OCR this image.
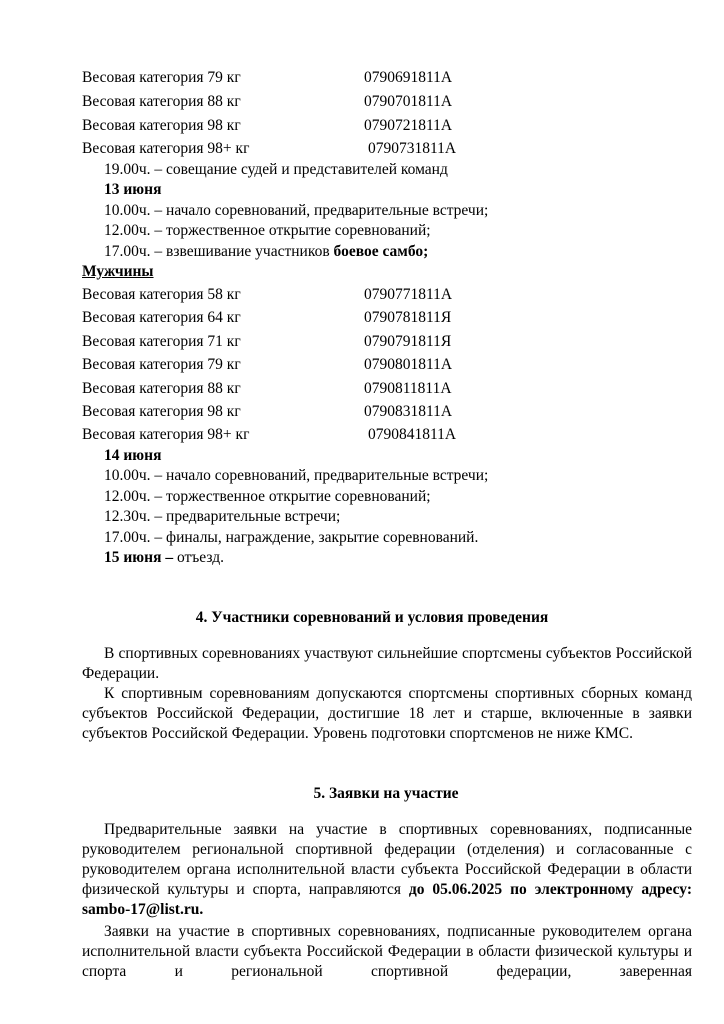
Весовая категория 79 кг	0790691811А
Весовая категория 88 кг	0790701811А
Весовая категория 98 кг	0790721811А
Весовая категория 98+ кг	0790731811А
19.00ч. – совещание судей и представителей команд
13 июня
10.00ч. – начало соревнований, предварительные встречи;
12.00ч. – торжественное открытие соревнований;
17.00ч. – взвешивание участников боевое самбо;
Мужчины
Весовая категория 58 кг	0790771811А
Весовая категория 64 кг	0790781811Я
Весовая категория 71 кг	0790791811Я
Весовая категория 79 кг	0790801811А
Весовая категория 88 кг	0790811811А
Весовая категория 98 кг	0790831811А
Весовая категория 98+ кг	0790841811А
14 июня
10.00ч. – начало соревнований, предварительные встречи;
12.00ч. – торжественное открытие соревнований;
12.30ч. – предварительные встречи;
17.00ч. – финалы, награждение, закрытие соревнований.
15 июня – отъезд.
4. Участники соревнований и условия проведения

В спортивных соревнованиях участвуют сильнейшие спортсмены субъектов Российской Федерации.

К спортивным соревнованиям допускаются спортсмены спортивных сборных команд субъектов Российской Федерации, достигшие 18 лет и старше, включенные в заявки субъектов Российской Федерации. Уровень подготовки спортсменов не ниже КМС.

5. Заявки на участие

Предварительные заявки на участие в спортивных соревнованиях, подписанные руководителем региональной спортивной федерации (отделения) и согласованные с руководителем органа исполнительной власти субъекта Российской Федерации в области физической культуры и спорта, направляются до 05.06.2025 по электронному адресу: sambo-17@list.ru.

Заявки на участие в спортивных соревнованиях, подписанные руководителем органа исполнительной власти субъекта Российской Федерации в области физической культуры и спорта и региональной спортивной федерации, заверенная
